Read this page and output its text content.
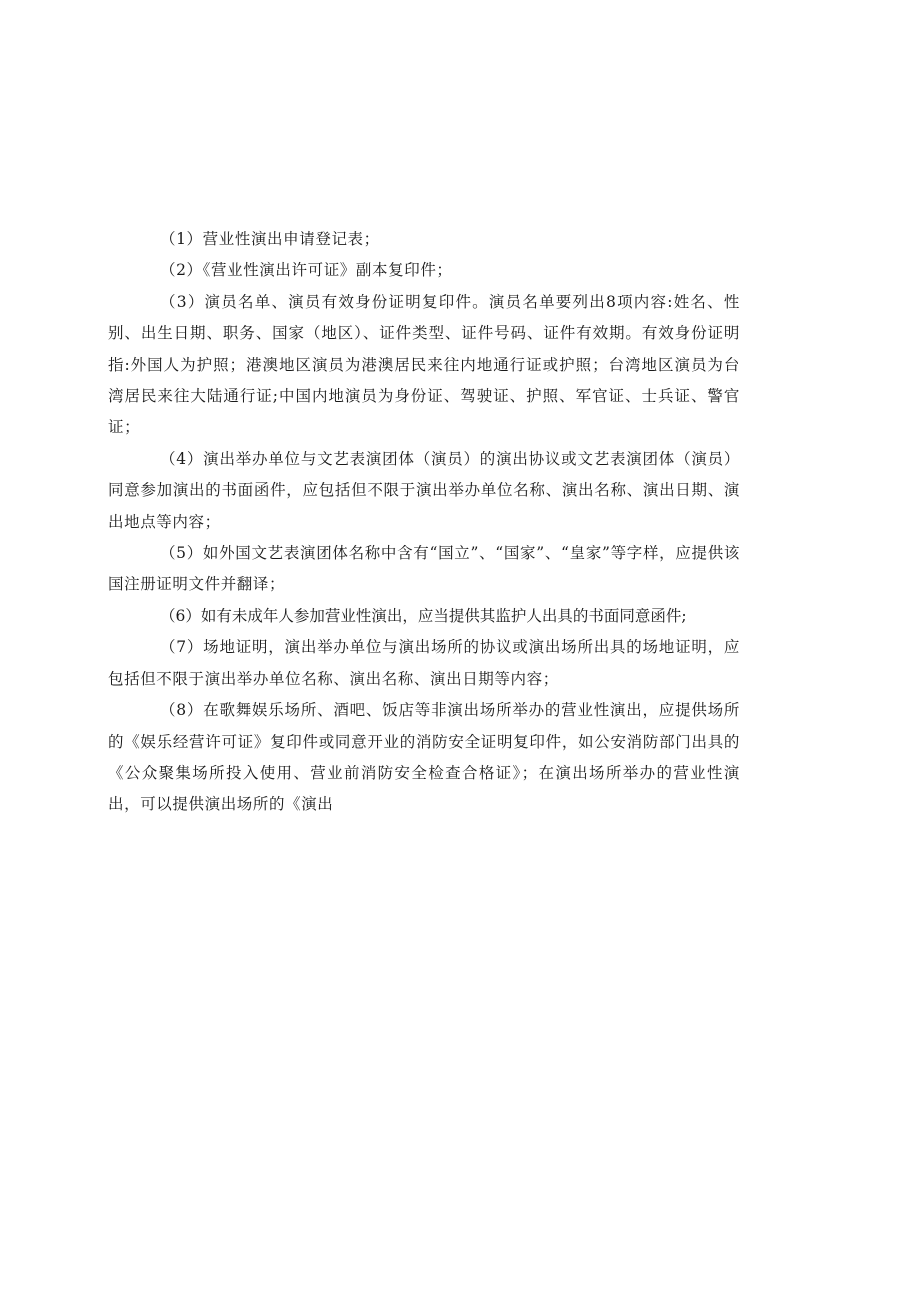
（1）营业性演出申请登记表；

（2）《营业性演出许可证》副本复印件；

（3）演员名单、演员有效身份证明复印件。演员名单要列出8项内容:姓名、性别、出生日期、职务、国家（地区）、证件类型、证件号码、证件有效期。有效身份证明指:外国人为护照；港澳地区演员为港澳居民来往内地通行证或护照；台湾地区演员为台湾居民来往大陆通行证;中国内地演员为身份证、驾驶证、护照、军官证、士兵证、警官证；

（4）演出举办单位与文艺表演团体（演员）的演出协议或文艺表演团体（演员）同意参加演出的书面函件，应包括但不限于演出举办单位名称、演出名称、演出日期、演出地点等内容；

（5）如外国文艺表演团体名称中含有“国立”、“国家”、“皇家”等字样，应提供该国注册证明文件并翻译；

（6）如有未成年人参加营业性演出，应当提供其监护人出具的书面同意函件;

（7）场地证明，演出举办单位与演出场所的协议或演出场所出具的场地证明，应包括但不限于演出举办单位名称、演出名称、演出日期等内容；

（8）在歌舞娱乐场所、酒吧、饭店等非演出场所举办的营业性演出，应提供场所的《娱乐经营许可证》复印件或同意开业的消防安全证明复印件，如公安消防部门出具的《公众聚集场所投入使用、营业前消防安全检查合格证》；在演出场所举办的营业性演出，可以提供演出场所的《演出
